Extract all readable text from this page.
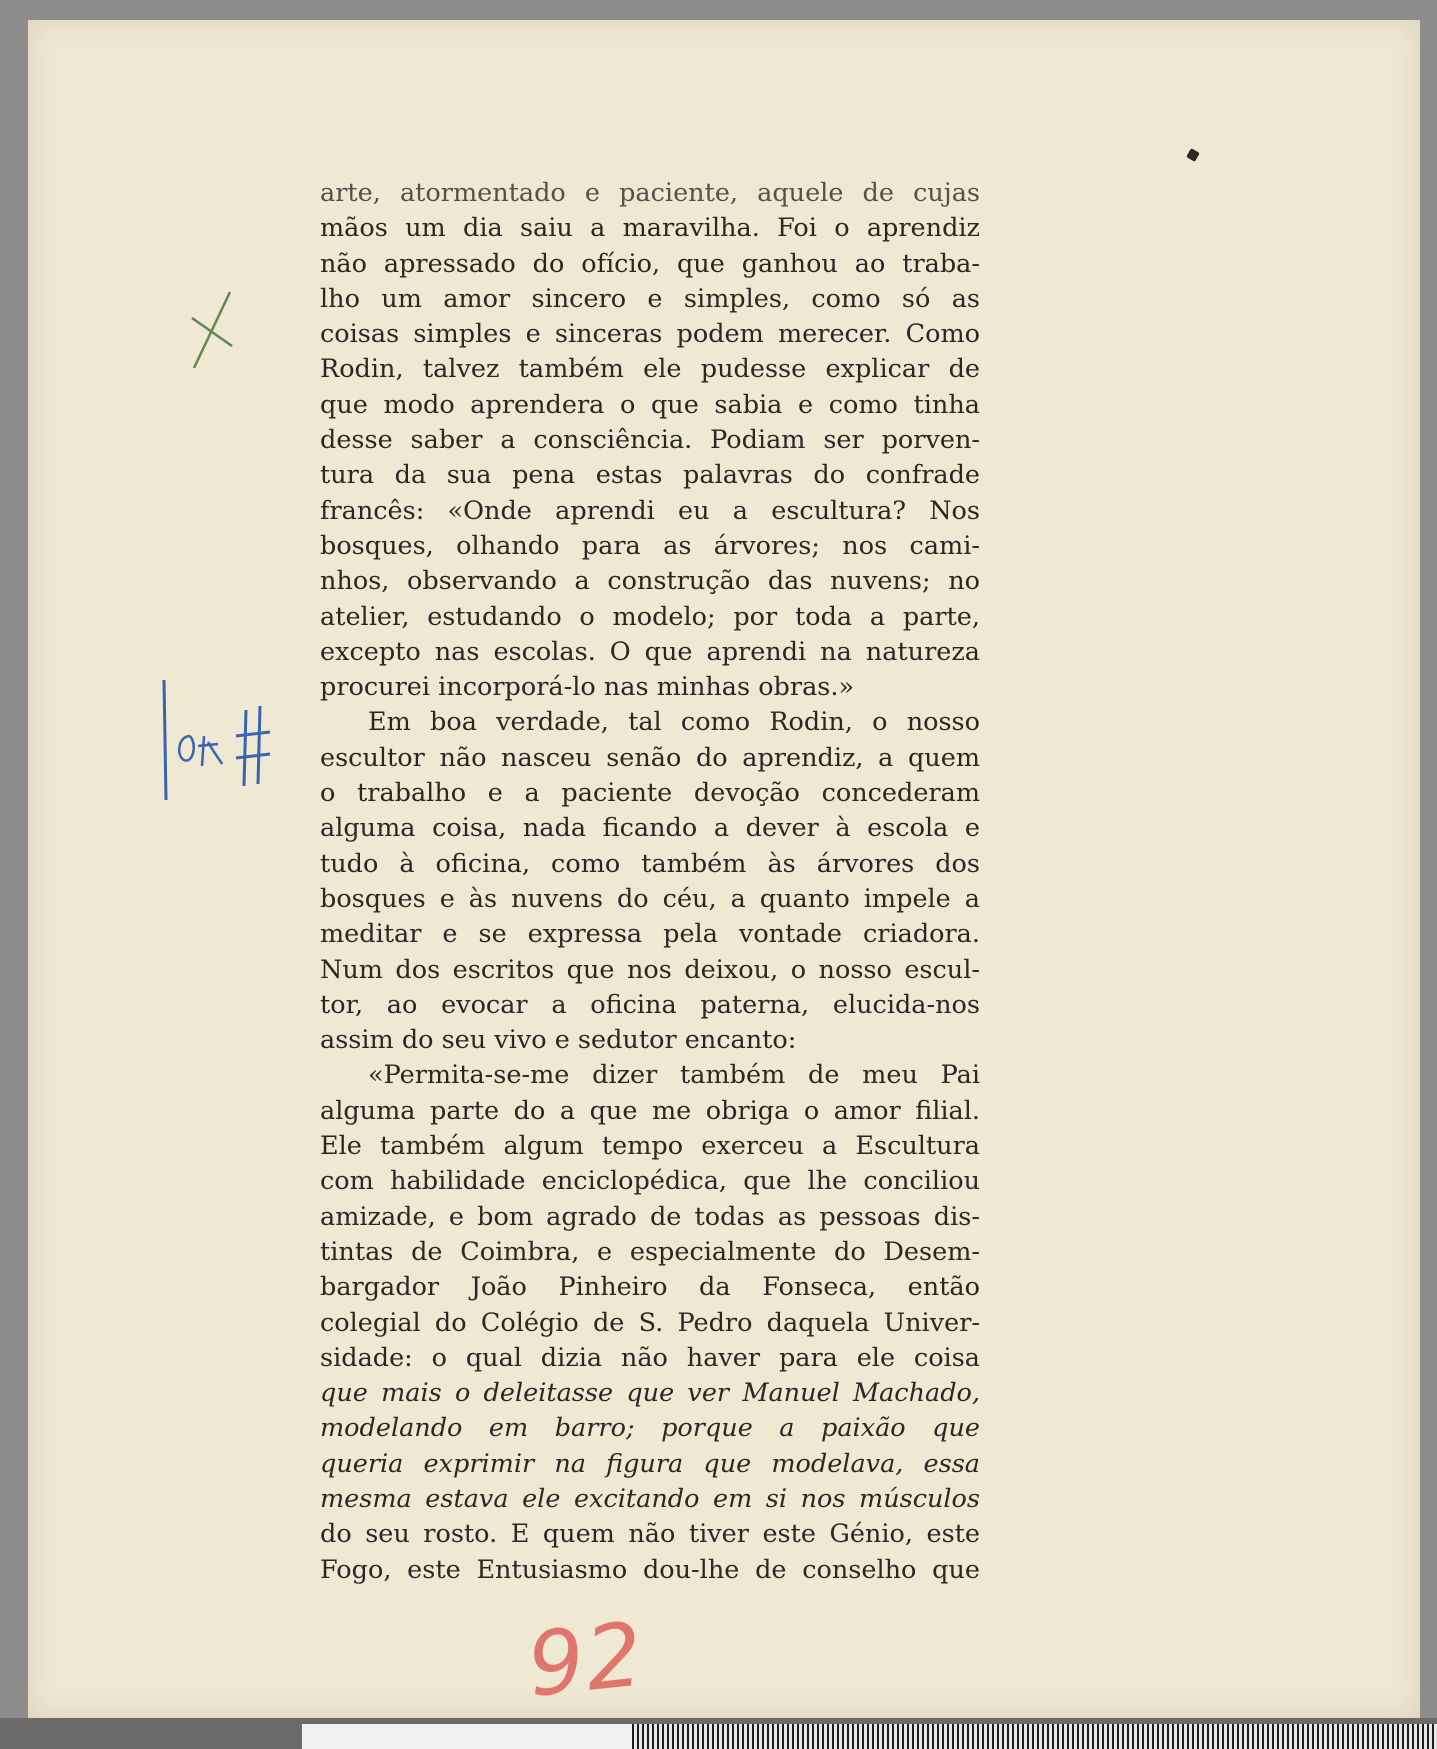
arte, atormentado e paciente, aquele de cujas
mãos um dia saiu a maravilha. Foi o aprendiz
não apressado do ofício, que ganhou ao traba-
lho um amor sincero e simples, como só as
coisas simples e sinceras podem merecer. Como
Rodin, talvez também ele pudesse explicar de
que modo aprendera o que sabia e como tinha
desse saber a consciência. Podiam ser porven-
tura da sua pena estas palavras do confrade
francês: «Onde aprendi eu a escultura? Nos
bosques, olhando para as árvores; nos cami-
nhos, observando a construção das nuvens; no
atelier, estudando o modelo; por toda a parte,
excepto nas escolas. O que aprendi na natureza
procurei incorporá-lo nas minhas obras.»
Em boa verdade, tal como Rodin, o nosso
escultor não nasceu senão do aprendiz, a quem
o trabalho e a paciente devoção concederam
alguma coisa, nada ficando a dever à escola e
tudo à oficina, como também às árvores dos
bosques e às nuvens do céu, a quanto impele a
meditar e se expressa pela vontade criadora.
Num dos escritos que nos deixou, o nosso escul-
tor, ao evocar a oficina paterna, elucida-nos
assim do seu vivo e sedutor encanto:
«Permita-se-me dizer também de meu Pai
alguma parte do a que me obriga o amor filial.
Ele também algum tempo exerceu a Escultura
com habilidade enciclopédica, que lhe conciliou
amizade, e bom agrado de todas as pessoas dis-
tintas de Coimbra, e especialmente do Desem-
bargador João Pinheiro da Fonseca, então
colegial do Colégio de S. Pedro daquela Univer-
sidade: o qual dizia não haver para ele coisa
que mais o deleitasse que ver Manuel Machado,
modelando em barro; porque a paixão que
queria exprimir na figura que modelava, essa
mesma estava ele excitando em si nos músculos
do seu rosto. E quem não tiver este Génio, este
Fogo, este Entusiasmo dou-lhe de conselho que
92
